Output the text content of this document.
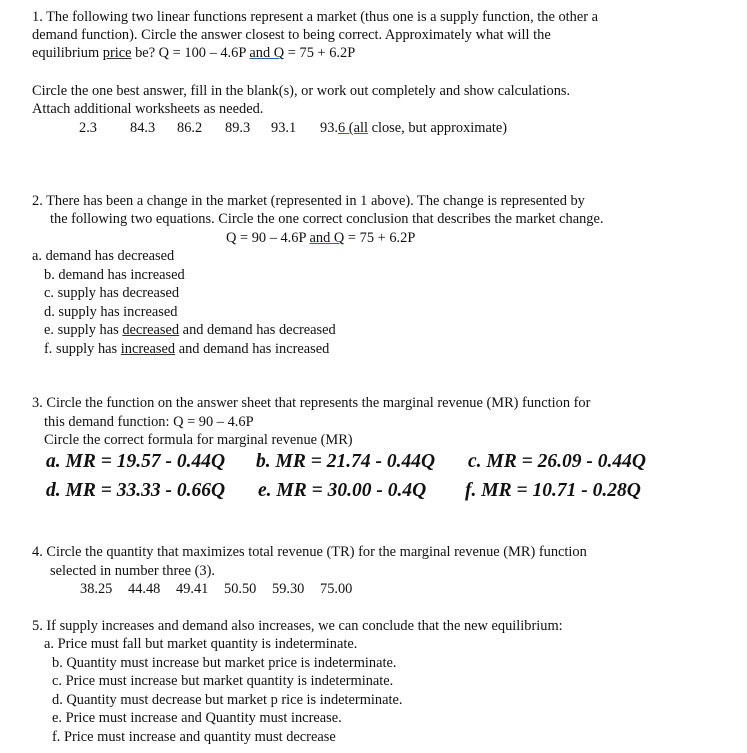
1. The following two linear functions represent a market (thus one is a supply function, the other a
demand function). Circle the answer closest to being correct. Approximately what will the
equilibrium price be? Q = 100 – 4.6P and Q = 75 + 6.2P
Circle the one best answer, fill in the blank(s), or work out completely and show calculations.
Attach additional worksheets as needed.
2.3 84.3 86.2 89.3 93.1 93.6 (all close, but approximate)
2. There has been a change in the market (represented in 1 above). The change is represented by
the following two equations. Circle the one correct conclusion that describes the market change.
Q = 90 – 4.6P and Q = 75 + 6.2P
a. demand has decreased
b. demand has increased
c. supply has decreased
d. supply has increased
e. supply has decreased and demand has decreased
f. supply has increased and demand has increased
3. Circle the function on the answer sheet that represents the marginal revenue (MR) function for
this demand function: Q = 90 – 4.6P
Circle the correct formula for marginal revenue (MR)
a. MR = 19.57 - 0.44Q b. MR = 21.74 - 0.44Q c. MR = 26.09 - 0.44Q
d. MR = 33.33 - 0.66Q e. MR = 30.00 - 0.4Q f. MR = 10.71 - 0.28Q
4. Circle the quantity that maximizes total revenue (TR) for the marginal revenue (MR) function
selected in number three (3).
38.25 44.48 49.41 50.50 59.30 75.00
5. If supply increases and demand also increases, we can conclude that the new equilibrium:
a. Price must fall but market quantity is indeterminate.
b. Quantity must increase but market price is indeterminate.
c. Price must increase but market quantity is indeterminate.
d. Quantity must decrease but market p rice is indeterminate.
e. Price must increase and Quantity must increase.
f. Price must increase and quantity must decrease
